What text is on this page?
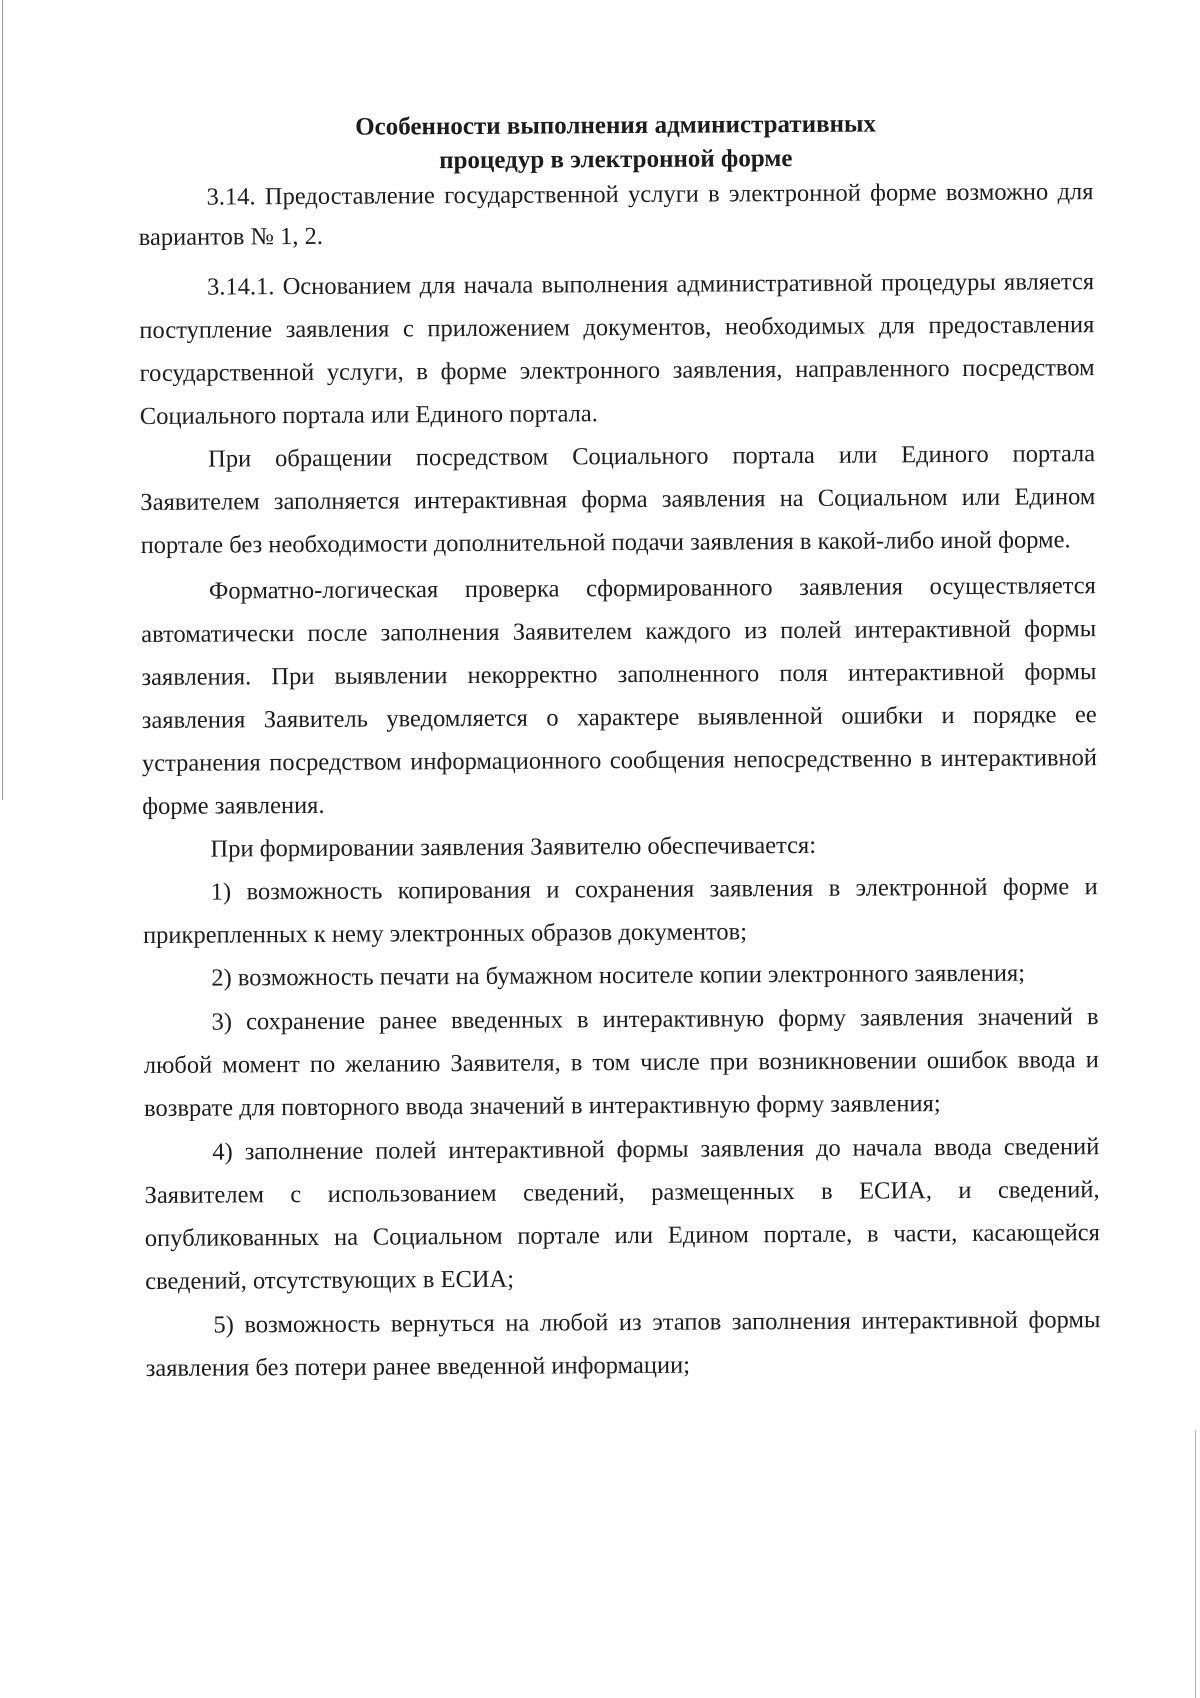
Особенности выполнения административных

процедур в электронной форме

3.14. Предоставление государственной услуги в электронной форме возможно для вариантов № 1, 2.

3.14.1. Основанием для начала выполнения административной процедуры является поступление заявления с приложением документов, необходимых для предоставления государственной услуги, в форме электронного заявления, направленного посредством Социального портала или Единого портала.

При обращении посредством Социального портала или Единого портала Заявителем заполняется интерактивная форма заявления на Социальном или Едином портале без необходимости дополнительной подачи заявления в какой-либо иной форме.

Форматно-логическая проверка сформированного заявления осуществляется автоматически после заполнения Заявителем каждого из полей интерактивной формы заявления. При выявлении некорректно заполненного поля интерактивной формы заявления Заявитель уведомляется о характере выявленной ошибки и порядке ее устранения посредством информационного сообщения непосредственно в интерактивной форме заявления.

При формировании заявления Заявителю обеспечивается:

1) возможность копирования и сохранения заявления в электронной форме и прикрепленных к нему электронных образов документов;

2) возможность печати на бумажном носителе копии электронного заявления;

3) сохранение ранее введенных в интерактивную форму заявления значений в любой момент по желанию Заявителя, в том числе при возникновении ошибок ввода и возврате для повторного ввода значений в интерактивную форму заявления;

4) заполнение полей интерактивной формы заявления до начала ввода сведений Заявителем с использованием сведений, размещенных в ЕСИА, и сведений, опубликованных на Социальном портале или Едином портале, в части, касающейся сведений, отсутствующих в ЕСИА;

5) возможность вернуться на любой из этапов заполнения интерактивной формы заявления без потери ранее введенной информации;
